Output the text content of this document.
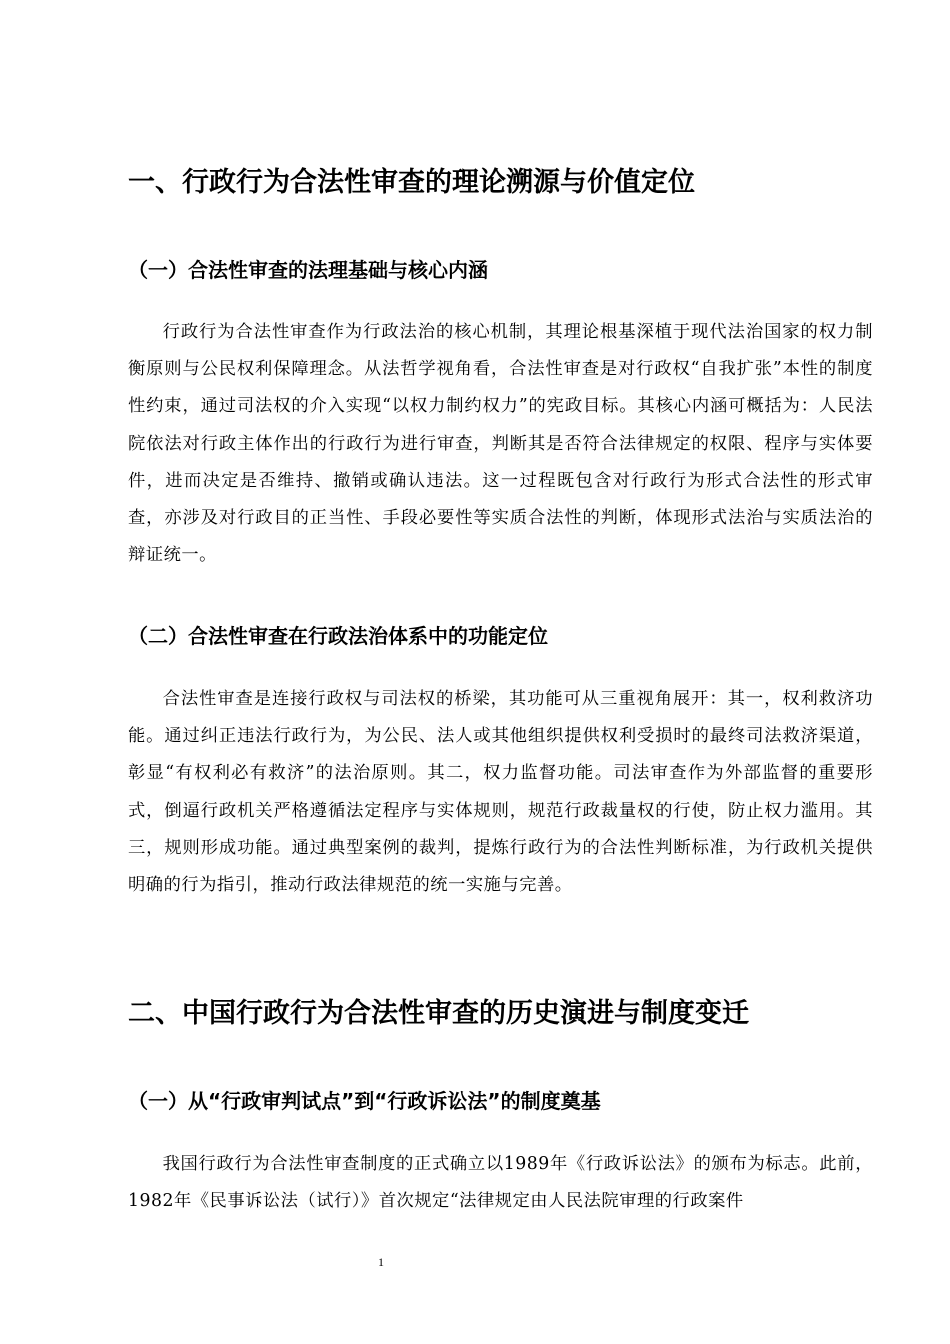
一、行政行为合法性审查的理论溯源与价值定位
（一）合法性审查的法理基础与核心内涵

行政行为合法性审查作为行政法治的核心机制，其理论根基深植于现代法治国家的权力制衡原则与公民权利保障理念。从法哲学视角看，合法性审查是对行政权“自我扩张”本性的制度性约束，通过司法权的介入实现“以权力制约权力”的宪政目标。其核心内涵可概括为：人民法院依法对行政主体作出的行政行为进行审查，判断其是否符合法律规定的权限、程序与实体要件，进而决定是否维持、撤销或确认违法。这一过程既包含对行政行为形式合法性的形式审查，亦涉及对行政目的正当性、手段必要性等实质合法性的判断，体现形式法治与实质法治的辩证统一。

（二）合法性审查在行政法治体系中的功能定位

合法性审查是连接行政权与司法权的桥梁，其功能可从三重视角展开：其一，权利救济功能。通过纠正违法行政行为，为公民、法人或其他组织提供权利受损时的最终司法救济渠道，彰显“有权利必有救济”的法治原则。其二，权力监督功能。司法审查作为外部监督的重要形式，倒逼行政机关严格遵循法定程序与实体规则，规范行政裁量权的行使，防止权力滥用。其三，规则形成功能。通过典型案例的裁判，提炼行政行为的合法性判断标准，为行政机关提供明确的行为指引，推动行政法律规范的统一实施与完善。

二、中国行政行为合法性审查的历史演进与制度变迁
（一）从“行政审判试点”到“行政诉讼法”的制度奠基

我国行政行为合法性审查制度的正式确立以1989年《行政诉讼法》的颁布为标志。此前，1982年《民事诉讼法（试行）》首次规定“法律规定由人民法院审理的行政案件

1
